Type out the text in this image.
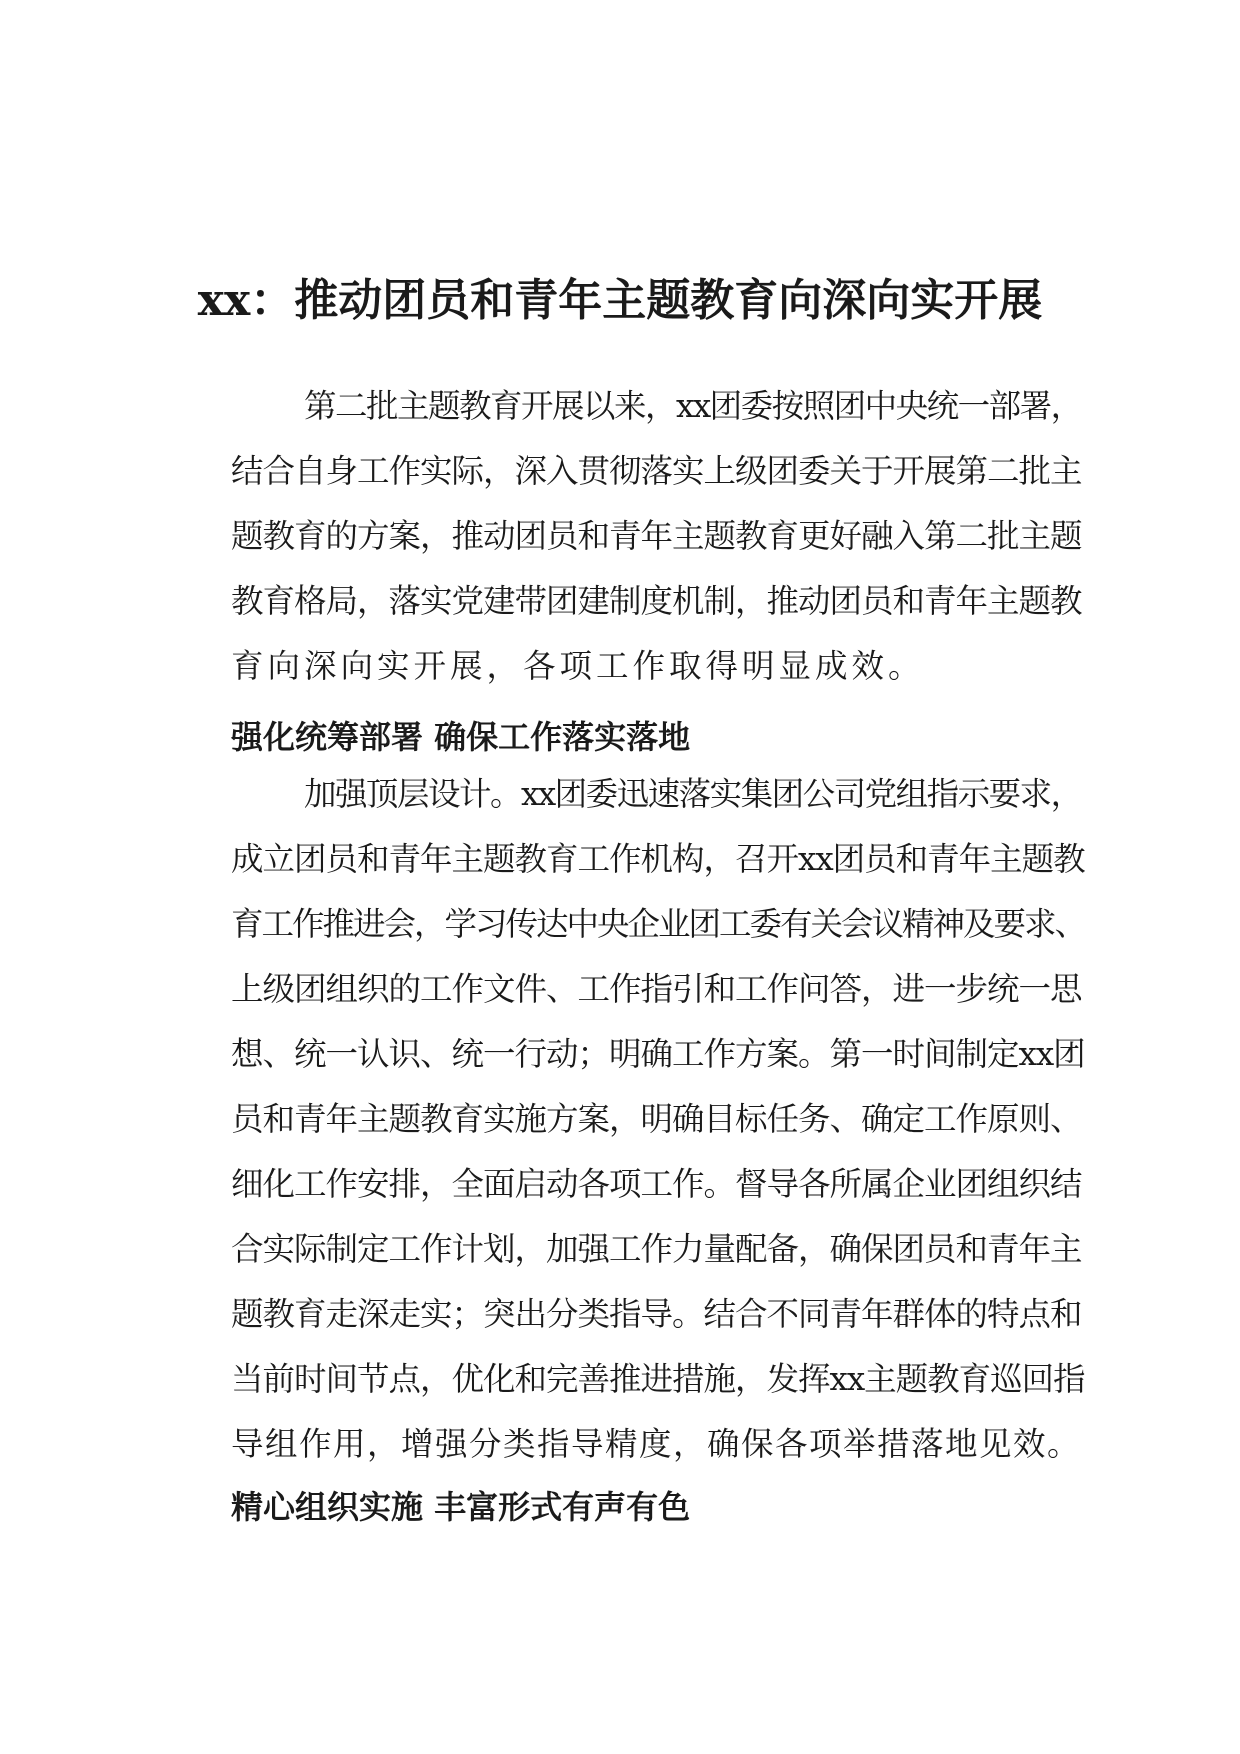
xx：推动团员和青年主题教育向深向实开展
第二批主题教育开展以来，xx团委按照团中央统一部署，
结合自身工作实际，深入贯彻落实上级团委关于开展第二批主
题教育的方案，推动团员和青年主题教育更好融入第二批主题
教育格局，落实党建带团建制度机制，推动团员和青年主题教
育向深向实开展，各项工作取得明显成效。
强化统筹部署 确保工作落实落地
加强顶层设计。xx团委迅速落实集团公司党组指示要求，
成立团员和青年主题教育工作机构，召开xx团员和青年主题教
育工作推进会，学习传达中央企业团工委有关会议精神及要求、
上级团组织的工作文件、工作指引和工作问答，进一步统一思
想、统一认识、统一行动；明确工作方案。第一时间制定xx团
员和青年主题教育实施方案，明确目标任务、确定工作原则、
细化工作安排，全面启动各项工作。督导各所属企业团组织结
合实际制定工作计划，加强工作力量配备，确保团员和青年主
题教育走深走实；突出分类指导。结合不同青年群体的特点和
当前时间节点，优化和完善推进措施，发挥xx主题教育巡回指
导组作用，增强分类指导精度，确保各项举措落地见效。
精心组织实施 丰富形式有声有色
